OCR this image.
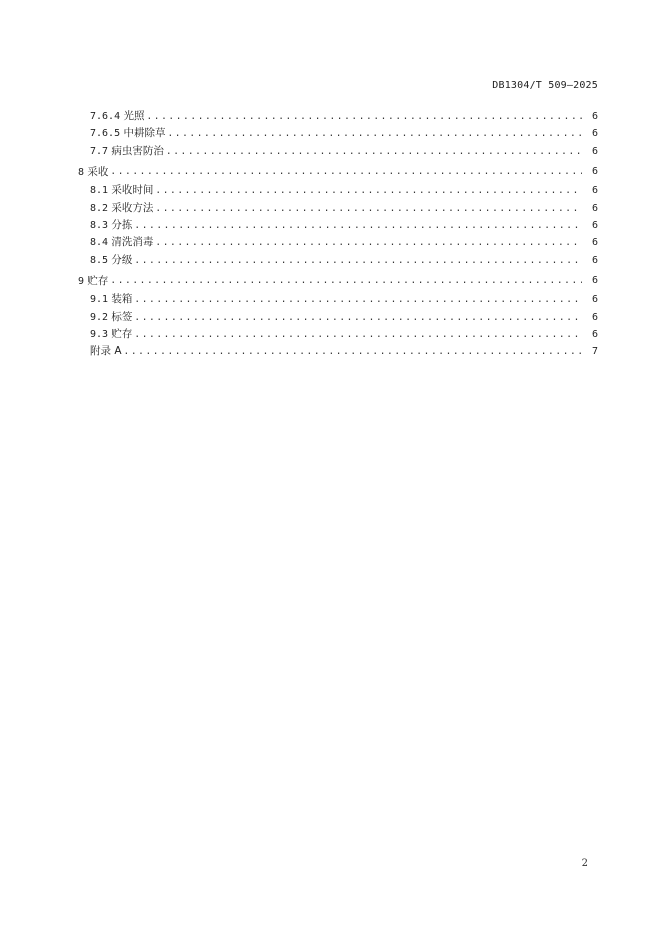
DB1304/T 509—2025
7.6.4 光照 .....	6
7.6.5 中耕除草 .....	6
7.7 病虫害防治 .....	6
8 采收 .....	6
8.1 采收时间 .....	6
8.2 采收方法 .....	6
8.3 分拣 .....	6
8.4 清洗消毒 .....	6
8.5 分级 .....	6
9 贮存 .....	6
9.1 装箱 .....	6
9.2 标签 .....	6
9.3 贮存 .....	6
附录 A .....	7
2
